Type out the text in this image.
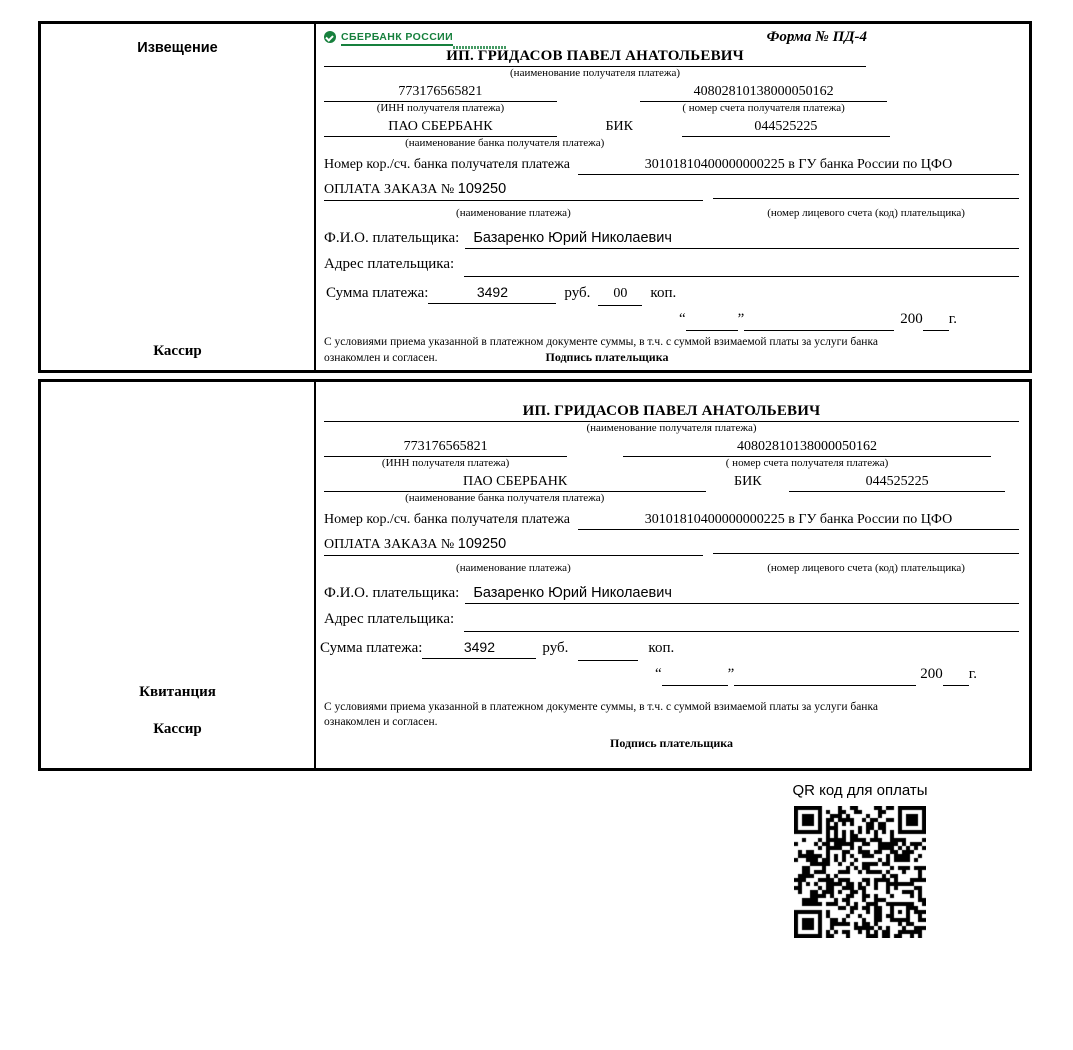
Извещение
Кассир
СБЕРБАНК РОССИИ	Форма № ПД-4
ИП. ГРИДАСОВ ПАВЕЛ АНАТОЛЬЕВИЧ
(наименование получателя платежа)
773176565821	40802810138000050162
(ИНН получателя платежа)	( номер счета получателя платежа)
ПАО СБЕРБАНК	БИК	044525225
(наименование банка получателя платежа)
Номер кор./сч. банка получателя платежа	30101810400000000225 в ГУ банка России по ЦФО
ОПЛАТА ЗАКАЗА № 109250

(наименование платежа)	(номер лицевого счета (код) плательщика)
Ф.И.О. плательщика: Базаренко Юрий Николаевич
Адрес плательщика:

Сумма платежа:	3492	руб.	00	коп.
“
	”
	200
г.
С условиями приема указанной в платежном документе суммы, в т.ч. с суммой взимаемой платы за услуги банка
ознакомлен и согласен.	Подпись плательщика
Квитанция
Кассир
ИП. ГРИДАСОВ ПАВЕЛ АНАТОЛЬЕВИЧ
(наименование получателя платежа)
773176565821	40802810138000050162
(ИНН получателя платежа)	( номер счета получателя платежа)
ПАО СБЕРБАНК	БИК	044525225
(наименование банка получателя платежа)
Номер кор./сч. банка получателя платежа	30101810400000000225 в ГУ банка России по ЦФО
ОПЛАТА ЗАКАЗА № 109250

(наименование платежа)	(номер лицевого счета (код) плательщика)
Ф.И.О. плательщика: Базаренко Юрий Николаевич
Адрес плательщика:

Сумма платежа:	3492	руб.
	коп.
“
	”
	200
г.
С условиями приема указанной в платежном документе суммы, в т.ч. с суммой взимаемой платы за услуги банка
ознакомлен и согласен.
Подпись плательщика
QR код для оплаты
